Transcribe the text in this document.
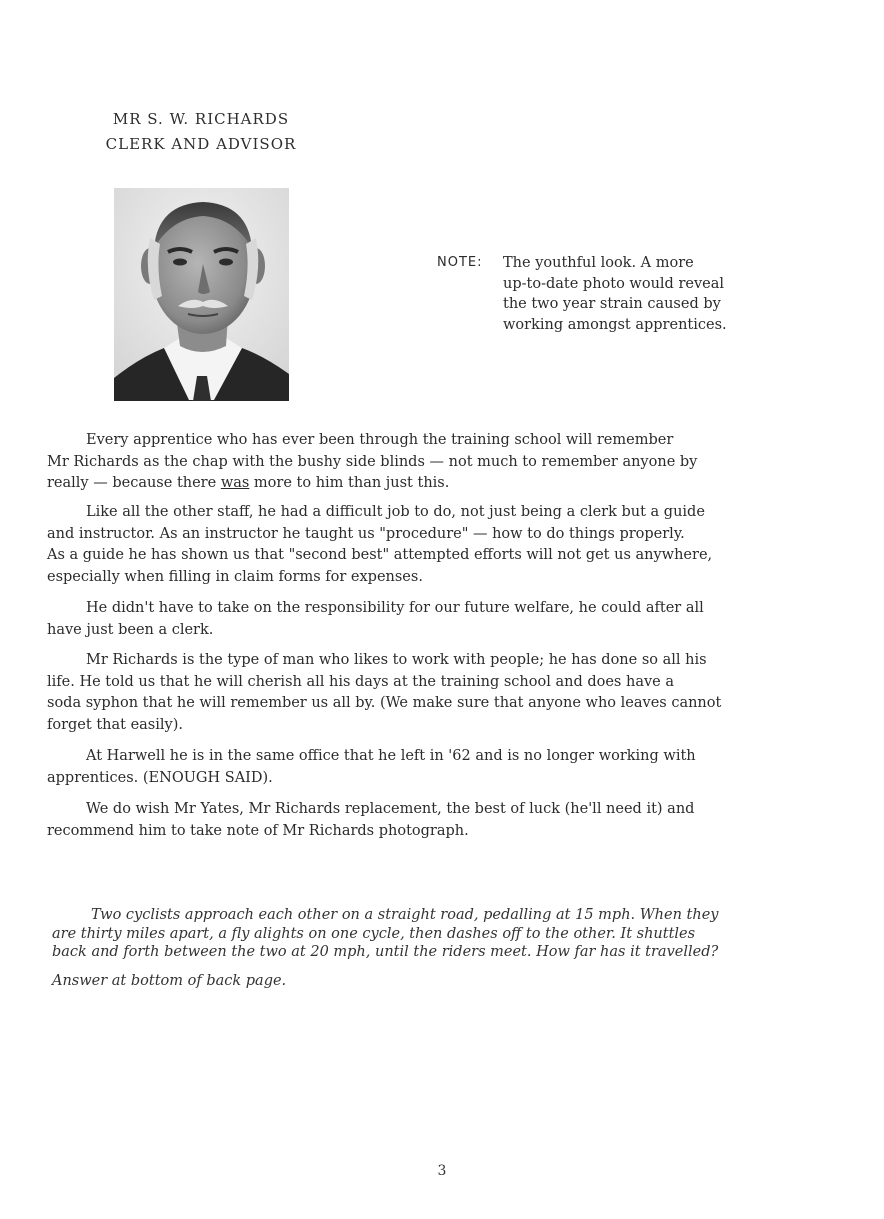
MR S. W. RICHARDS
CLERK AND ADVISOR
NOTE: The youthful look. A more
up-to-date photo would reveal
the two year strain caused by
working amongst apprentices.
Every apprentice who has ever been through the training school will remember
Mr Richards as the chap with the bushy side blinds — not much to remember anyone by
really — because there was more to him than just this.
Like all the other staff, he had a difficult job to do, not just being a clerk but a guide
and instructor. As an instructor he taught us "procedure" — how to do things properly.
As a guide he has shown us that "second best" attempted efforts will not get us anywhere,
especially when filling in claim forms for expenses.
He didn't have to take on the responsibility for our future welfare, he could after all
have just been a clerk.
Mr Richards is the type of man who likes to work with people; he has done so all his
life. He told us that he will cherish all his days at the training school and does have a
soda syphon that he will remember us all by. (We make sure that anyone who leaves cannot
forget that easily).
At Harwell he is in the same office that he left in '62 and is no longer working with
apprentices. (ENOUGH SAID).
We do wish Mr Yates, Mr Richards replacement, the best of luck (he'll need it) and
recommend him to take note of Mr Richards photograph.
Two cyclists approach each other on a straight road, pedalling at 15 mph. When they
are thirty miles apart, a fly alights on one cycle, then dashes off to the other. It shuttles
back and forth between the two at 20 mph, until the riders meet. How far has it travelled?
Answer at bottom of back page.
3
